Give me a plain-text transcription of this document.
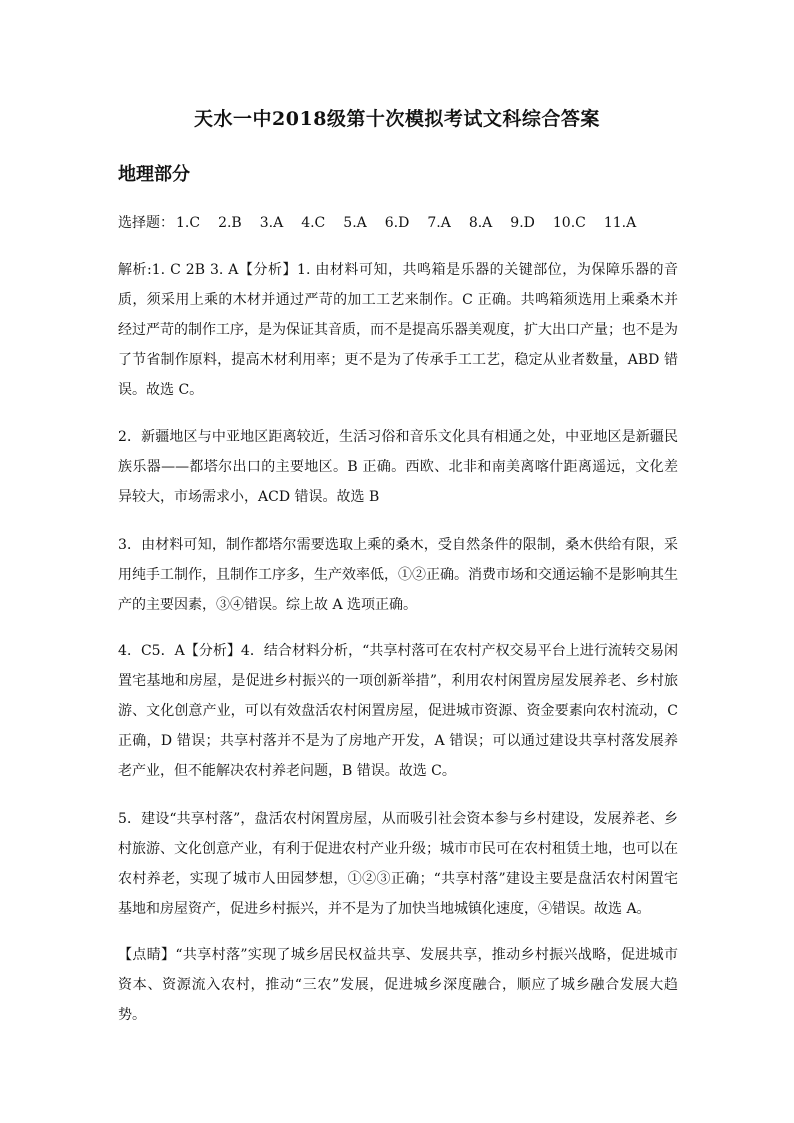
天水一中2018级第十次模拟考试文科综合答案
地理部分
选择题： 1.C 2.B 3.A 4.C 5.A 6.D 7.A 8.A 9.D 10.C 11.A
解析:1. C 2B 3. A【分析】1. 由材料可知，共鸣箱是乐器的关键部位，为保障乐器的音质，须采用上乘的木材并通过严苛的加工工艺来制作。C 正确。共鸣箱须选用上乘桑木并经过严苛的制作工序，是为保证其音质，而不是提高乐器美观度，扩大出口产量；也不是为了节省制作原料，提高木材利用率；更不是为了传承手工工艺，稳定从业者数量，ABD 错误。故选 C。
2．新疆地区与中亚地区距离较近，生活习俗和音乐文化具有相通之处，中亚地区是新疆民族乐器——都塔尔出口的主要地区。B 正确。西欧、北非和南美离喀什距离遥远，文化差异较大，市场需求小，ACD 错误。故选 B
3．由材料可知，制作都塔尔需要选取上乘的桑木，受自然条件的限制，桑木供给有限，采用纯手工制作，且制作工序多，生产效率低，①②正确。消费市场和交通运输不是影响其生产的主要因素，③④错误。综上故 A 选项正确。
4．C5．A【分析】4．结合材料分析，“共享村落可在农村产权交易平台上进行流转交易闲置宅基地和房屋，是促进乡村振兴的一项创新举措”，利用农村闲置房屋发展养老、乡村旅游、文化创意产业，可以有效盘活农村闲置房屋，促进城市资源、资金要素向农村流动，C 正确，D 错误；共享村落并不是为了房地产开发，A 错误；可以通过建设共享村落发展养老产业，但不能解决农村养老问题，B 错误。故选 C。
5．建设“共享村落”，盘活农村闲置房屋，从而吸引社会资本参与乡村建设，发展养老、乡村旅游、文化创意产业，有利于促进农村产业升级；城市市民可在农村租赁土地，也可以在农村养老，实现了城市人田园梦想，①②③正确；“共享村落”建设主要是盘活农村闲置宅基地和房屋资产，促进乡村振兴，并不是为了加快当地城镇化速度，④错误。故选 A。
【点睛】“共享村落”实现了城乡居民权益共享、发展共享，推动乡村振兴战略，促进城市资本、资源流入农村，推动“三农”发展，促进城乡深度融合，顺应了城乡融合发展大趋势。
